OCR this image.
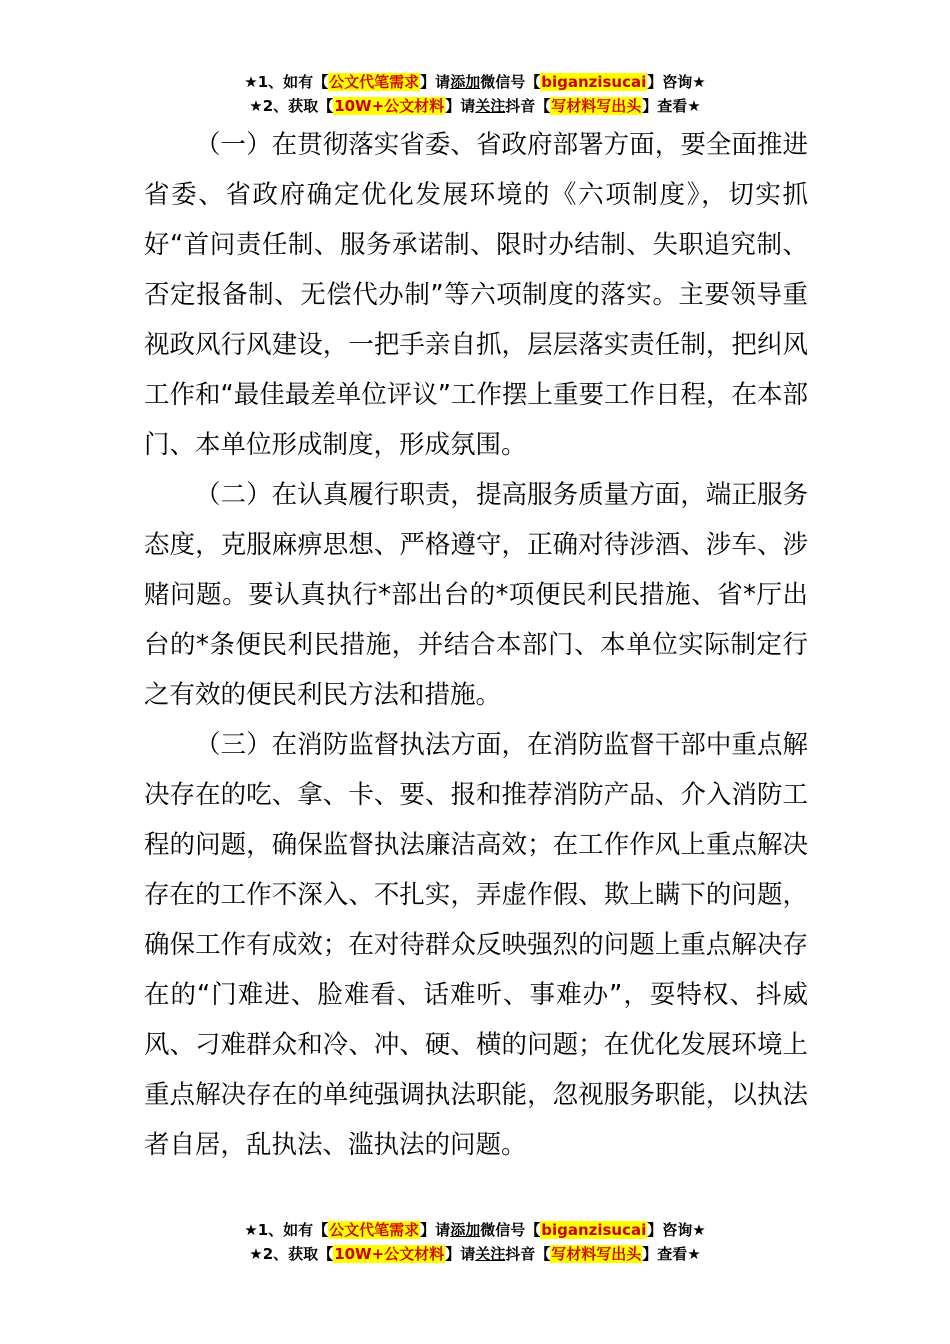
★1、如有【公文代笔需求】请添加微信号【biganzisucai】咨询★
★2、获取【10W+公文材料】请关注抖音【写材料写出头】查看★

（一）在贯彻落实省委、省政府部署方面，要全面推进省委、省政府确定优化发展环境的《六项制度》，切实抓好“首问责任制、服务承诺制、限时办结制、失职追究制、否定报备制、无偿代办制”等六项制度的落实。主要领导重视政风行风建设，一把手亲自抓，层层落实责任制，把纠风工作和“最佳最差单位评议”工作摆上重要工作日程，在本部门、本单位形成制度，形成氛围。

（二）在认真履行职责，提高服务质量方面，端正服务态度，克服麻痹思想、严格遵守，正确对待涉酒、涉车、涉赌问题。要认真执行*部出台的*项便民利民措施、省*厅出台的*条便民利民措施，并结合本部门、本单位实际制定行之有效的便民利民方法和措施。

（三）在消防监督执法方面，在消防监督干部中重点解决存在的吃、拿、卡、要、报和推荐消防产品、介入消防工程的问题，确保监督执法廉洁高效；在工作作风上重点解决存在的工作不深入、不扎实，弄虚作假、欺上瞒下的问题，确保工作有成效；在对待群众反映强烈的问题上重点解决存在的“门难进、脸难看、话难听、事难办”，耍特权、抖威风、刁难群众和冷、冲、硬、横的问题；在优化发展环境上重点解决存在的单纯强调执法职能，忽视服务职能，以执法者自居，乱执法、滥执法的问题。

★1、如有【公文代笔需求】请添加微信号【biganzisucai】咨询★
★2、获取【10W+公文材料】请关注抖音【写材料写出头】查看★
